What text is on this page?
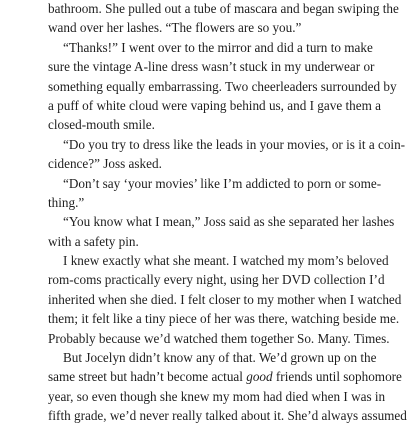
bathroom. She pulled out a tube of mascara and began swiping the
wand over her lashes. “The flowers are so you.”
“Thanks!” I went over to the mirror and did a turn to make
sure the vintage A-line dress wasn’t stuck in my underwear or
something equally embarrassing. Two cheerleaders surrounded by
a puff of white cloud were vaping behind us, and I gave them a
closed-mouth smile.
“Do you try to dress like the leads in your movies, or is it a coin-
cidence?” Joss asked.
“Don’t say ‘your movies’ like I’m addicted to porn or some-
thing.”
“You know what I mean,” Joss said as she separated her lashes
with a safety pin.
I knew exactly what she meant. I watched my mom’s beloved
rom-coms practically every night, using her DVD collection I’d
inherited when she died. I felt closer to my mother when I watched
them; it felt like a tiny piece of her was there, watching beside me.
Probably because we’d watched them together So. Many. Times.
But Jocelyn didn’t know any of that. We’d grown up on the
same street but hadn’t become actual good friends until sophomore
year, so even though she knew my mom had died when I was in
fifth grade, we’d never really talked about it. She’d always assumed
